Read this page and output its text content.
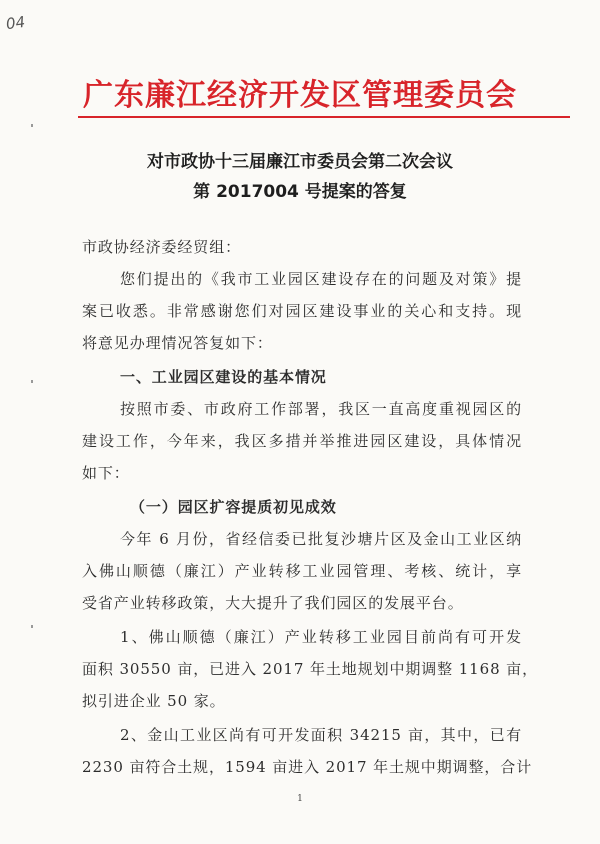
04
广东廉江经济开发区管理委员会
对市政协十三届廉江市委员会第二次会议
第 2017004 号提案的答复
市政协经济委经贸组：
您们提出的《我市工业园区建设存在的问题及对策》提
案已收悉。非常感谢您们对园区建设事业的关心和支持。现
将意见办理情况答复如下：
一、工业园区建设的基本情况
按照市委、市政府工作部署，我区一直高度重视园区的
建设工作，今年来，我区多措并举推进园区建设，具体情况
如下：
（一）园区扩容提质初见成效
今年 6 月份，省经信委已批复沙塘片区及金山工业区纳
入佛山顺德（廉江）产业转移工业园管理、考核、统计，享
受省产业转移政策，大大提升了我们园区的发展平台。
1、佛山顺德（廉江）产业转移工业园目前尚有可开发
面积 30550 亩，已进入 2017 年土地规划中期调整 1168 亩，
拟引进企业 50 家。
2、金山工业区尚有可开发面积 34215 亩，其中，已有
2230 亩符合土规，1594 亩进入 2017 年土规中期调整，合计
1
